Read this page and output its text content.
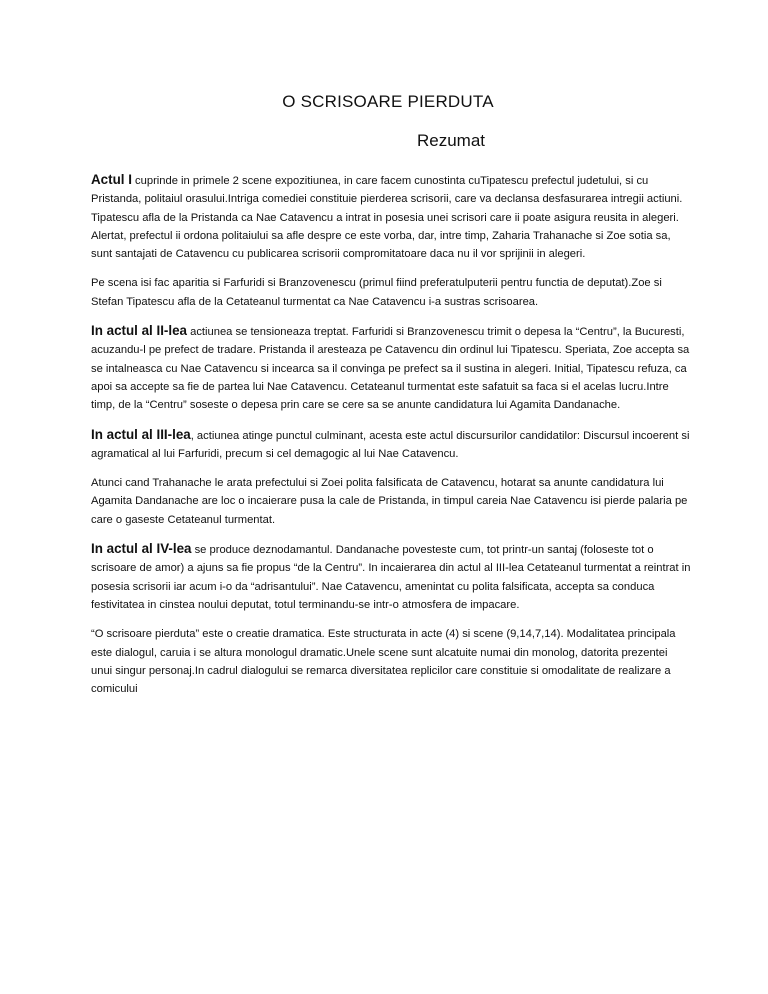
O SCRISOARE PIERDUTA
Rezumat

Actul I cuprinde in primele 2 scene expozitiunea, in care facem cunostinta cuTipatescu prefectul judetului, si cu Pristanda, politaiul orasului.Intriga comediei constituie pierderea scrisorii, care va declansa desfasurarea intregii actiuni. Tipatescu afla de la Pristanda ca Nae Catavencu a intrat in posesia unei scrisori care ii poate asigura reusita in alegeri. Alertat, prefectul ii ordona politaiului sa afle despre ce este vorba, dar, intre timp, Zaharia Trahanache si Zoe sotia sa, sunt santajati de Catavencu cu publicarea scrisorii compromitatoare daca nu il vor sprijinii in alegeri.

Pe scena isi fac aparitia si Farfuridi si Branzovenescu (primul fiind preferatulputerii pentru functia de deputat).Zoe si Stefan Tipatescu afla de la Cetateanul turmentat ca Nae Catavencu i-a sustras scrisoarea.

In actul al II-lea actiunea se tensioneaza treptat. Farfuridi si Branzovenescu trimit o depesa la “Centru”, la Bucuresti, acuzandu-l pe prefect de tradare. Pristanda il aresteaza pe Catavencu din ordinul lui Tipatescu. Speriata, Zoe accepta sa se intalneasca cu Nae Catavencu si incearca sa il convinga pe prefect sa il sustina in alegeri. Initial, Tipatescu refuza, ca apoi sa accepte sa fie de partea lui Nae Catavencu. Cetateanul turmentat este safatuit sa faca si el acelas lucru.Intre timp, de la “Centru” soseste o depesa prin care se cere sa se anunte candidatura lui Agamita Dandanache.

In actul al III-lea, actiunea atinge punctul culminant, acesta este actul discursurilor candidatilor: Discursul incoerent si agramatical al lui Farfuridi, precum si cel demagogic al lui Nae Catavencu.

Atunci cand Trahanache le arata prefectului si Zoei polita falsificata de Catavencu, hotarat sa anunte candidatura lui Agamita Dandanache are loc o incaierare pusa la cale de Pristanda, in timpul careia Nae Catavencu isi pierde palaria pe care o gaseste Cetateanul turmentat.

In actul al IV-lea se produce deznodamantul. Dandanache povesteste cum, tot printr-un santaj (foloseste tot o scrisoare de amor) a ajuns sa fie propus “de la Centru”. In incaierarea din actul al III-lea Cetateanul turmentat a reintrat in posesia scrisorii iar acum i-o da “adrisantului”. Nae Catavencu, amenintat cu polita falsificata, accepta sa conduca festivitatea in cinstea noului deputat, totul terminandu-se intr-o atmosfera de impacare.

“O scrisoare pierduta” este o creatie dramatica. Este structurata in acte (4) si scene (9,14,7,14). Modalitatea principala este dialogul, caruia i se altura monologul dramatic.Unele scene sunt alcatuite numai din monolog, datorita prezentei unui singur personaj.In cadrul dialogului se remarca diversitatea replicilor care constituie si omodalitate de realizare a comicului
